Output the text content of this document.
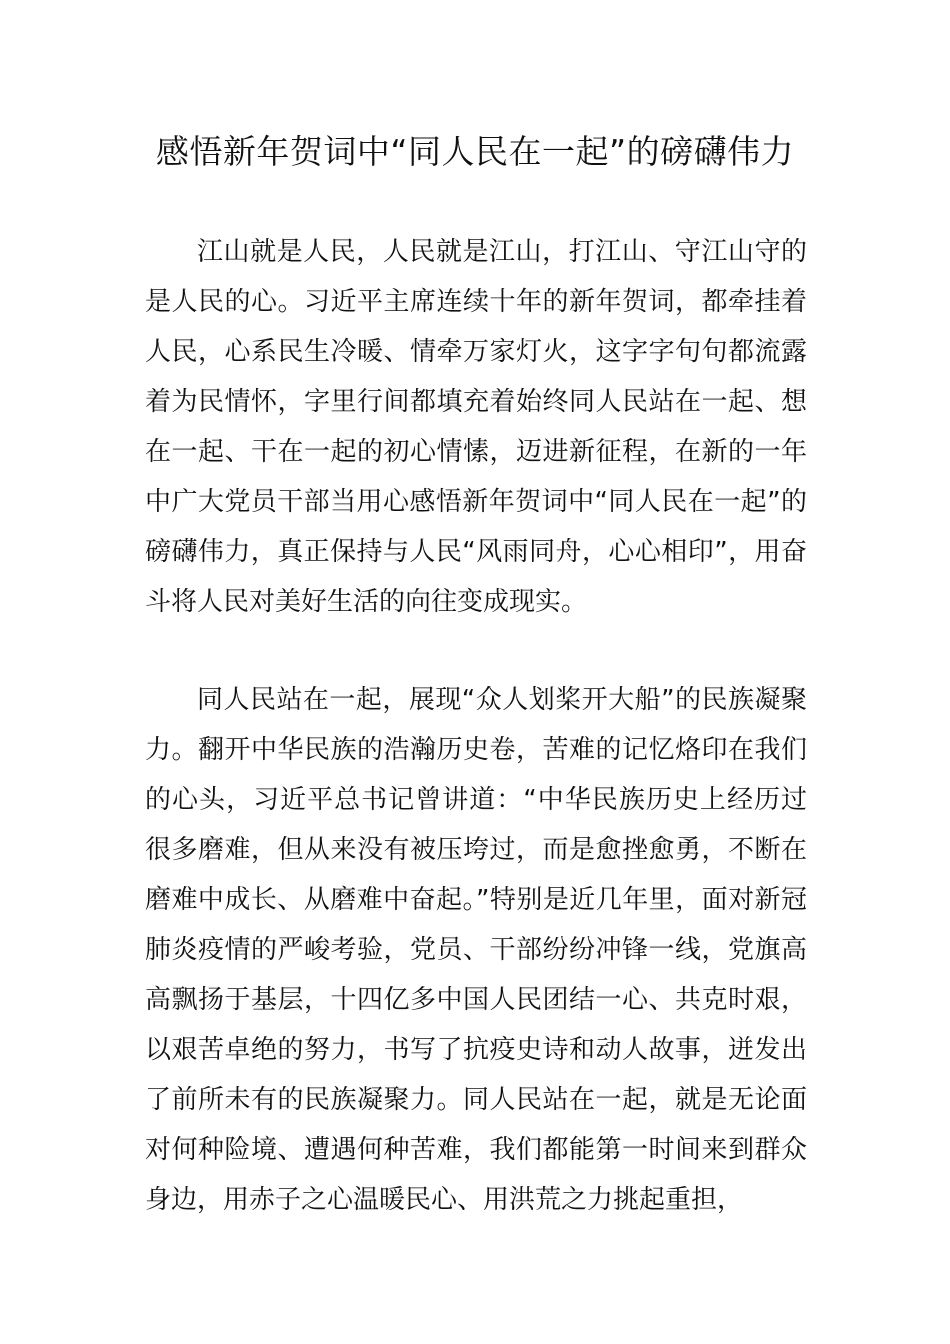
感悟新年贺词中“同人民在一起”的磅礴伟力

江山就是人民，人民就是江山，打江山、守江山守的是人民的心。习近平主席连续十年的新年贺词，都牵挂着人民，心系民生冷暖、情牵万家灯火，这字字句句都流露着为民情怀，字里行间都填充着始终同人民站在一起、想在一起、干在一起的初心情愫，迈进新征程，在新的一年中广大党员干部当用心感悟新年贺词中“同人民在一起”的磅礴伟力，真正保持与人民“风雨同舟，心心相印”，用奋斗将人民对美好生活的向往变成现实。

同人民站在一起，展现“众人划桨开大船”的民族凝聚力。翻开中华民族的浩瀚历史卷，苦难的记忆烙印在我们的心头，习近平总书记曾讲道：“中华民族历史上经历过很多磨难，但从来没有被压垮过，而是愈挫愈勇，不断在磨难中成长、从磨难中奋起。”特别是近几年里，面对新冠肺炎疫情的严峻考验，党员、干部纷纷冲锋一线，党旗高高飘扬于基层，十四亿多中国人民团结一心、共克时艰，以艰苦卓绝的努力，书写了抗疫史诗和动人故事，迸发出了前所未有的民族凝聚力。同人民站在一起，就是无论面对何种险境、遭遇何种苦难，我们都能第一时间来到群众身边，用赤子之心温暖民心、用洪荒之力挑起重担，
